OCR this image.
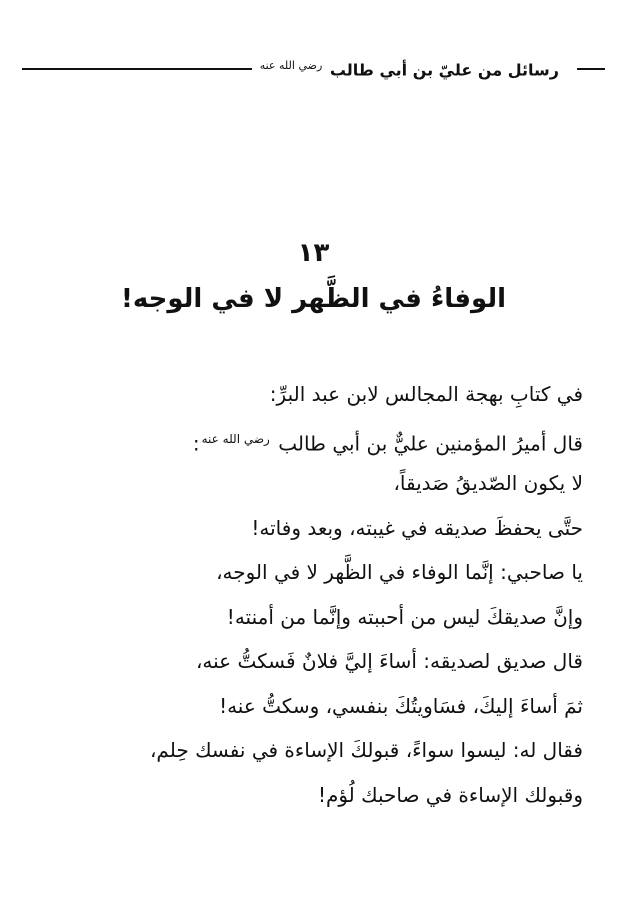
رسائل من عليّ بن أبي طالب $^{رضي الله عنه}$
١٣
الوفاءُ في الظَّهر لا في الوجه!
في كتابِ بهجة المجالس لابن عبد البرِّ:
قال أميرُ المؤمنين عليٌّ بن أبي طالب $^{رضي الله عنه}$:
لا يكون الصّديقُ صَديقاً،
حتَّى يحفظَ صديقه في غيبته، وبعد وفاته!
يا صاحبي: إنَّما الوفاء في الظَّهر لا في الوجه،
وإنَّ صديقكَ ليس من أحببته وإنَّما من أمنته!
قال صديق لصديقه: أساءَ إليَّ فلانٌ فَسكتُّ عنه،
ثمَ أساءَ إليكَ، فسَاويتُكَ بنفسي، وسكتُّ عنه!
فقال له: ليسوا سواءً، قبولكَ الإساءة في نفسك حِلم،
وقبولك الإساءة في صاحبك لُؤم!
